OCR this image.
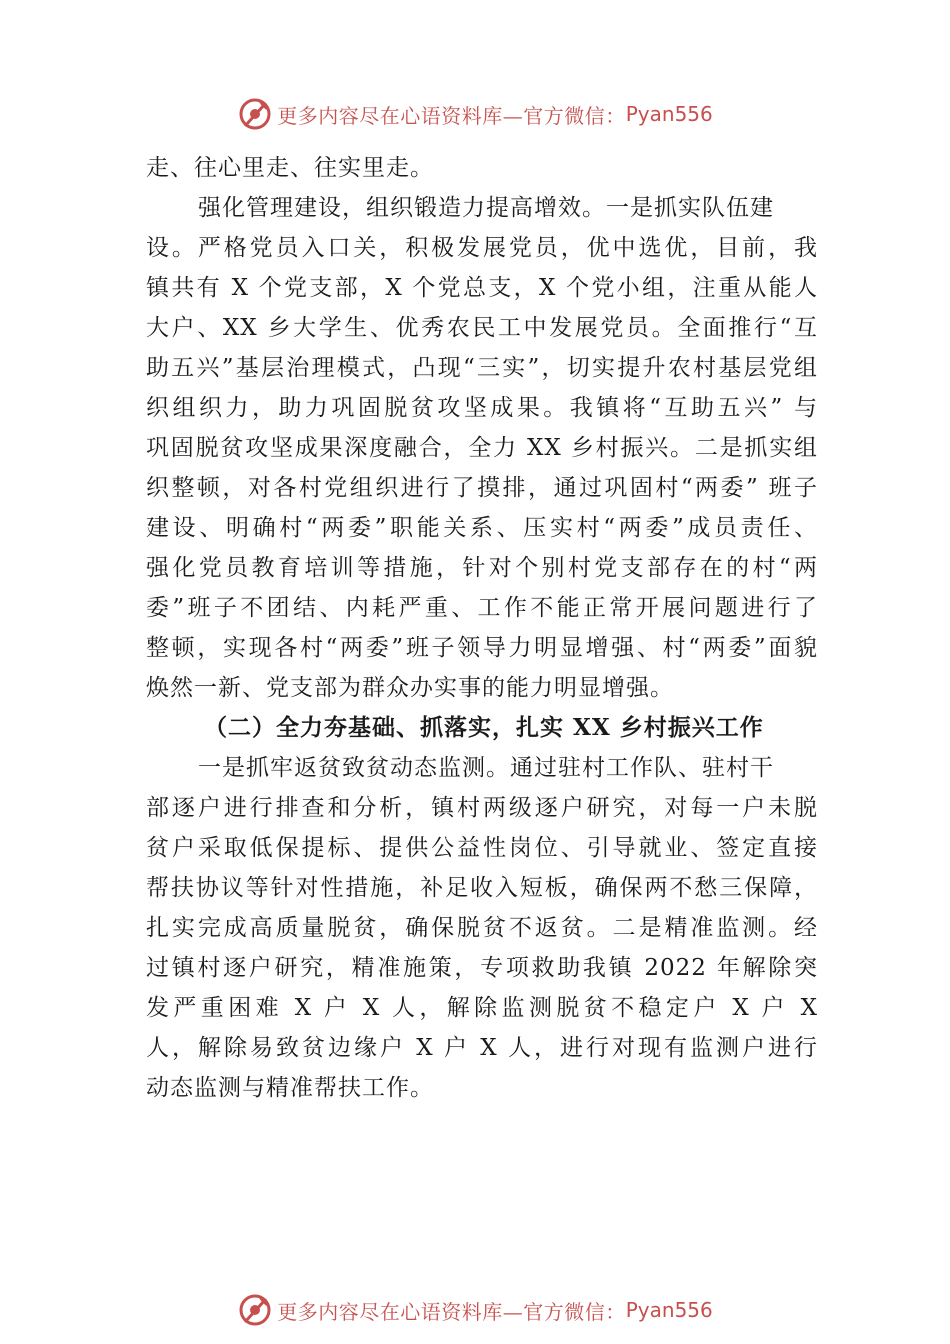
更多内容尽在心语资料库—官方微信： Pyan556
走、往心里走、往实里走。
强化管理建设，组织锻造力提高增效。一是抓实队伍建
设。严格党员入口关，积极发展党员，优中选优，目前，我
镇共有 X 个党支部，X 个党总支，X 个党小组，注重从能人
大户、XX 乡大学生、优秀农民工中发展党员。全面推行“互
助五兴”基层治理模式，凸现“三实”，切实提升农村基层党组
织组织力，助力巩固脱贫攻坚成果。我镇将“互助五兴” 与
巩固脱贫攻坚成果深度融合，全力 XX 乡村振兴。二是抓实组
织整顿，对各村党组织进行了摸排，通过巩固村“两委” 班子
建设、明确村“两委”职能关系、压实村“两委”成员责任、
强化党员教育培训等措施，针对个别村党支部存在的村“两
委”班子不团结、内耗严重、工作不能正常开展问题进行了
整顿，实现各村“两委”班子领导力明显增强、村“两委”面貌
焕然一新、党支部为群众办实事的能力明显增强。
（二）全力夯基础、抓落实，扎实 XX 乡村振兴工作
一是抓牢返贫致贫动态监测。通过驻村工作队、驻村干
部逐户进行排查和分析，镇村两级逐户研究，对每一户未脱
贫户采取低保提标、提供公益性岗位、引导就业、签定直接
帮扶协议等针对性措施，补足收入短板，确保两不愁三保障，
扎实完成高质量脱贫，确保脱贫不返贫。二是精准监测。经
过镇村逐户研究，精准施策，专项救助我镇 2022 年解除突
发严重困难 X 户 X 人，解除监测脱贫不稳定户 X 户 X
人，解除易致贫边缘户 X 户 X 人，进行对现有监测户进行
动态监测与精准帮扶工作。
更多内容尽在心语资料库—官方微信： Pyan556
